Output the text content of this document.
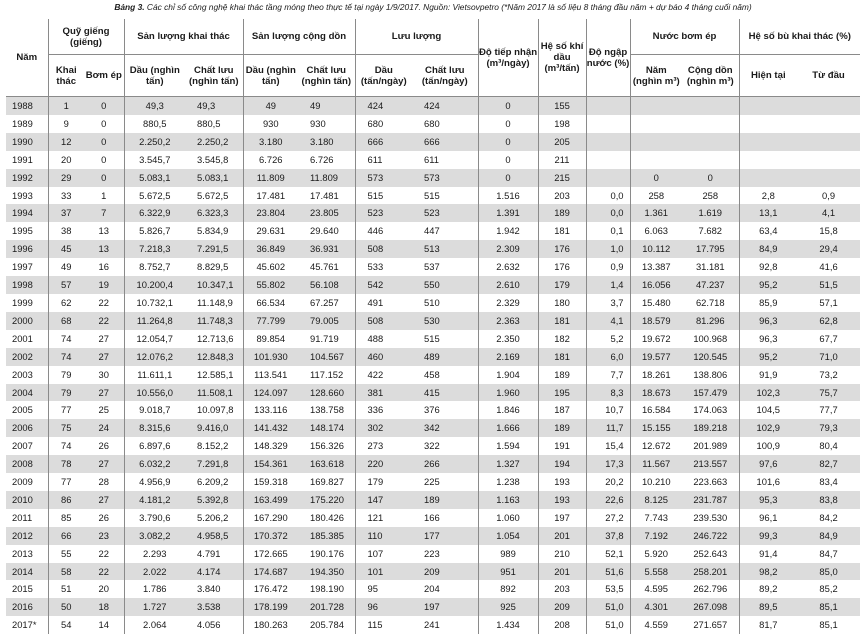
Bảng 3. Các chỉ số công nghệ khai thác tầng móng theo thực tế tại ngày 1/9/2017. Nguồn: Vietsovpetro (*Năm 2017 là số liệu 8 tháng đầu năm + dự báo 4 tháng cuối năm)
Năm	Quỹ giếng (giếng)		Sản lượng khai thác		Sản lượng cộng dồn		Lưu lượng		Độ tiếp nhận (m³/ngày)	Hệ số khí dầu (m³/tấn)	Độ ngập nước (%)	Nước bơm ép		Hệ số bù khai thác (%)	
	Khai thác	Bơm ép	Dầu (nghìn tấn)	Chất lưu (nghìn tấn)	Dầu (nghìn tấn)	Chất lưu (nghìn tấn)	Dầu (tấn/ngày)	Chất lưu (tấn/ngày)				Năm (nghìn m³)	Cộng dồn (nghìn m³)	Hiện tại	Từ đầu
1988	1	0	49,3	49,3	49	49	424	424	0	155					
1989	9	0	880,5	880,5	930	930	680	680	0	198					
1990	12	0	2.250,2	2.250,2	3.180	3.180	666	666	0	205					
1991	20	0	3.545,7	3.545,8	6.726	6.726	611	611	0	211					
1992	29	0	5.083,1	5.083,1	11.809	11.809	573	573	0	215		0	0		
1993	33	1	5.672,5	5.672,5	17.481	17.481	515	515	1.516	203	0,0	258	258	2,8	0,9
1994	37	7	6.322,9	6.323,3	23.804	23.805	523	523	1.391	189	0,0	1.361	1.619	13,1	4,1
1995	38	13	5.826,7	5.834,9	29.631	29.640	446	447	1.942	181	0,1	6.063	7.682	63,4	15,8
1996	45	13	7.218,3	7.291,5	36.849	36.931	508	513	2.309	176	1,0	10.112	17.795	84,9	29,4
1997	49	16	8.752,7	8.829,5	45.602	45.761	533	537	2.632	176	0,9	13.387	31.181	92,8	41,6
1998	57	19	10.200,4	10.347,1	55.802	56.108	542	550	2.610	179	1,4	16.056	47.237	95,2	51,5
1999	62	22	10.732,1	11.148,9	66.534	67.257	491	510	2.329	180	3,7	15.480	62.718	85,9	57,1
2000	68	22	11.264,8	11.748,3	77.799	79.005	508	530	2.363	181	4,1	18.579	81.296	96,3	62,8
2001	74	27	12.054,7	12.713,6	89.854	91.719	488	515	2.350	182	5,2	19.672	100.968	96,3	67,7
2002	74	27	12.076,2	12.848,3	101.930	104.567	460	489	2.169	181	6,0	19.577	120.545	95,2	71,0
2003	79	30	11.611,1	12.585,1	113.541	117.152	422	458	1.904	189	7,7	18.261	138.806	91,9	73,2
2004	79	27	10.556,0	11.508,1	124.097	128.660	381	415	1.960	195	8,3	18.673	157.479	102,3	75,7
2005	77	25	9.018,7	10.097,8	133.116	138.758	336	376	1.846	187	10,7	16.584	174.063	104,5	77,7
2006	75	24	8.315,6	9.416,0	141.432	148.174	302	342	1.666	189	11,7	15.155	189.218	102,9	79,3
2007	74	26	6.897,6	8.152,2	148.329	156.326	273	322	1.594	191	15,4	12.672	201.989	100,9	80,4
2008	78	27	6.032,2	7.291,8	154.361	163.618	220	266	1.327	194	17,3	11.567	213.557	97,6	82,7
2009	77	28	4.956,9	6.209,2	159.318	169.827	179	225	1.238	193	20,2	10.210	223.663	101,6	83,4
2010	86	27	4.181,2	5.392,8	163.499	175.220	147	189	1.163	193	22,6	8.125	231.787	95,3	83,8
2011	85	26	3.790,6	5.206,2	167.290	180.426	121	166	1.060	197	27,2	7.743	239.530	96,1	84,2
2012	66	23	3.082,2	4.958,5	170.372	185.385	110	177	1.054	201	37,8	7.192	246.722	99,3	84,9
2013	55	22	2.293	4.791	172.665	190.176	107	223	989	210	52,1	5.920	252.643	91,4	84,7
2014	58	22	2.022	4.174	174.687	194.350	101	209	951	201	51,6	5.558	258.201	98,2	85,0
2015	51	20	1.786	3.840	176.472	198.190	95	204	892	203	53,5	4.595	262.796	89,2	85,2
2016	50	18	1.727	3.538	178.199	201.728	96	197	925	209	51,0	4.301	267.098	89,5	85,1
2017*	54	14	2.064	4.056	180.263	205.784	115	241	1.434	208	51,0	4.559	271.657	81,7	85,1
